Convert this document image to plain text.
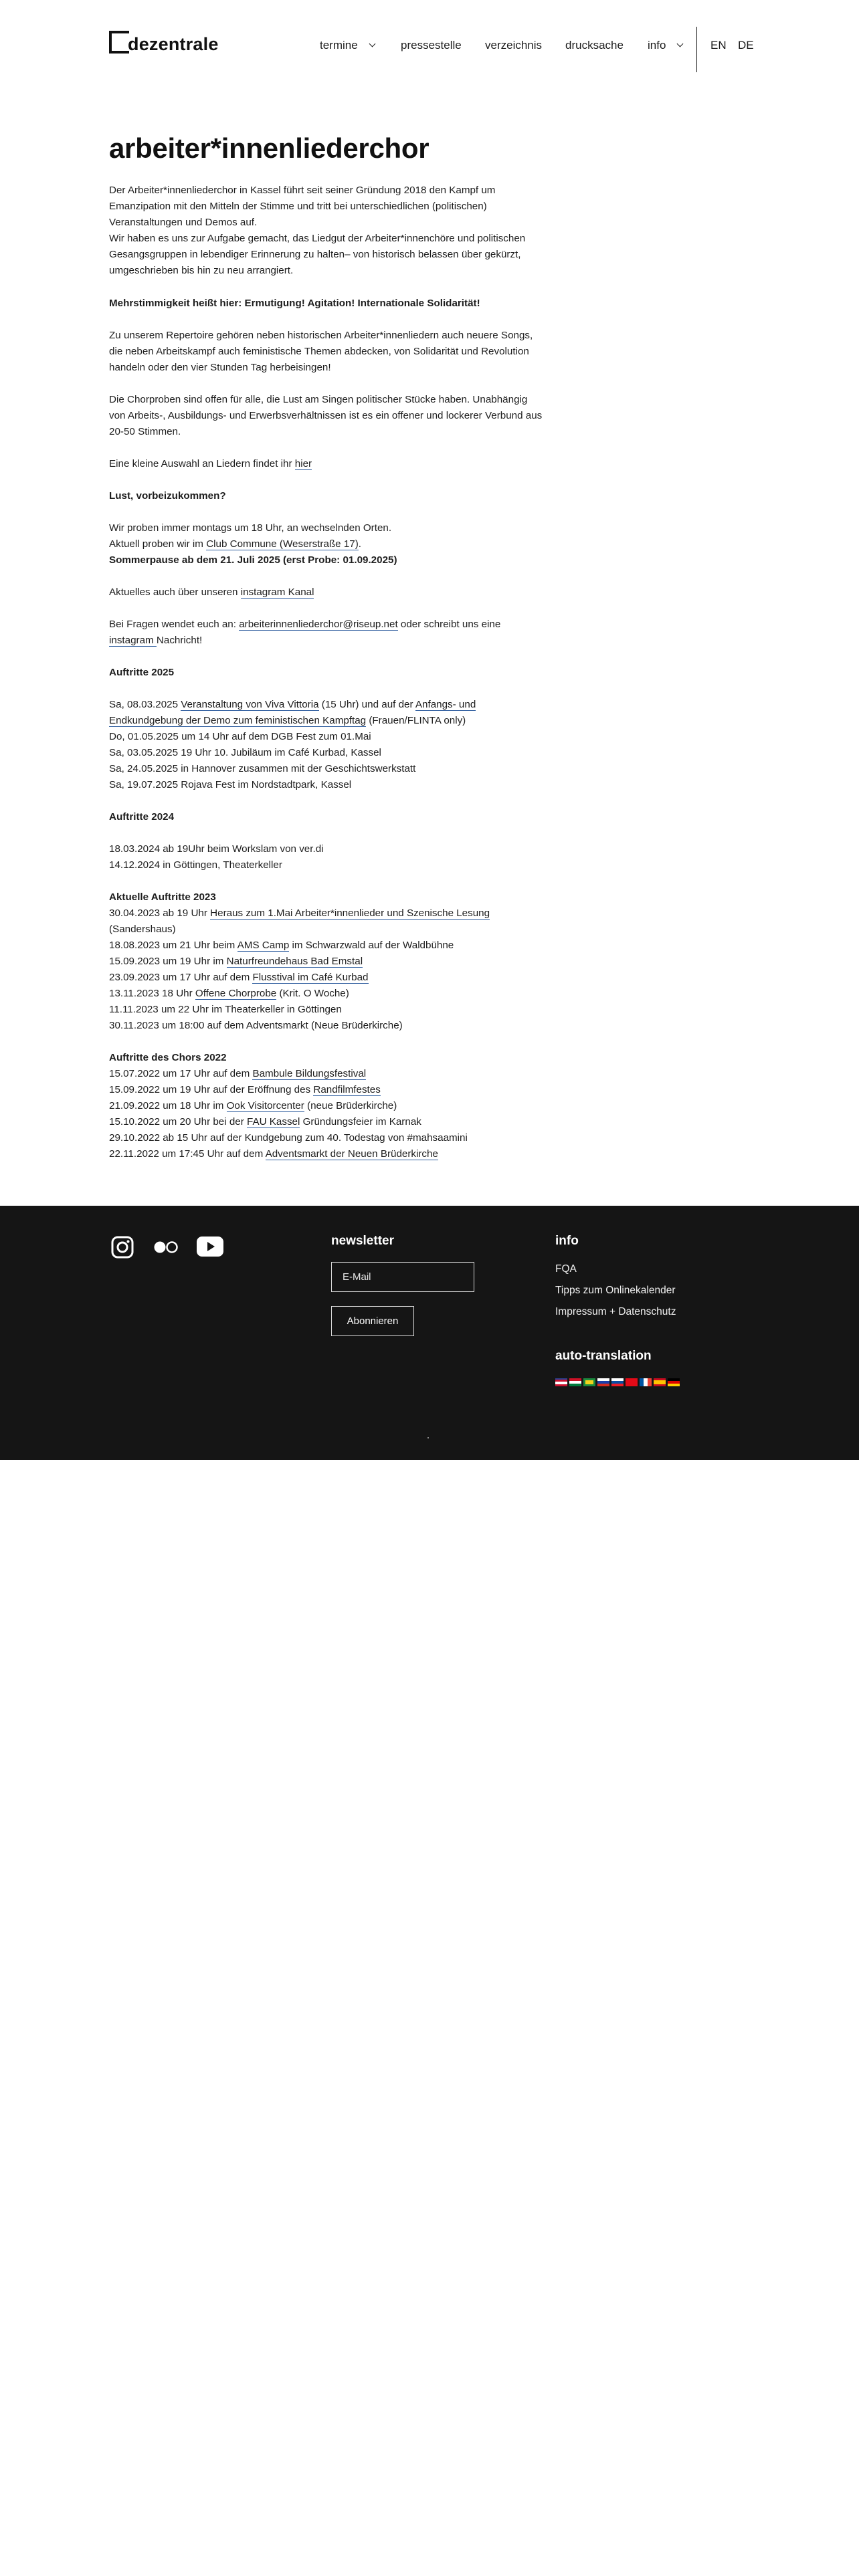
dezentrale	termine	pressestelle verzeichnis drucksache info	EN DE
arbeiter*innenliederchor
Der Arbeiter*innenliederchor in Kassel führt seit seiner Gründung 2018 den Kampf um
Emanzipation mit den Mitteln der Stimme und tritt bei unterschiedlichen (politischen)
Veranstaltungen und Demos auf.
Wir haben es uns zur Aufgabe gemacht, das Liedgut der Arbeiter*innenchöre und politischen
Gesangsgruppen in lebendiger Erinnerung zu halten– von historisch belassen über gekürzt,
umgeschrieben bis hin zu neu arrangiert.
Mehrstimmigkeit heißt hier: Ermutigung! Agitation! Internationale Solidarität!
Zu unserem Repertoire gehören neben historischen Arbeiter*innenliedern auch neuere Songs,
die neben Arbeitskampf auch feministische Themen abdecken, von Solidarität und Revolution
handeln oder den vier Stunden Tag herbeisingen!
Die Chorproben sind offen für alle, die Lust am Singen politischer Stücke haben. Unabhängig
von Arbeits-, Ausbildungs- und Erwerbsverhältnissen ist es ein offener und lockerer Verbund aus
20-50 Stimmen.
Eine kleine Auswahl an Liedern findet ihr hier
Lust, vorbeizukommen?
Wir proben immer montags um 18 Uhr, an wechselnden Orten.
Aktuell proben wir im Club Commune (Weserstraße 17).
Sommerpause ab dem 21. Juli 2025 (erst Probe: 01.09.2025)
Aktuelles auch über unseren instagram Kanal
Bei Fragen wendet euch an: arbeiterinnenliederchor@riseup.net oder schreibt uns eine
instagram Nachricht!
Auftritte 2025
Sa, 08.03.2025 Veranstaltung von Viva Vittoria (15 Uhr) und auf der Anfangs- und
Endkundgebung der Demo zum feministischen Kampftag (Frauen/FLINTA only)
Do, 01.05.2025 um 14 Uhr auf dem DGB Fest zum 01.Mai
Sa, 03.05.2025 19 Uhr 10. Jubiläum im Café Kurbad, Kassel
Sa, 24.05.2025 in Hannover zusammen mit der Geschichtswerkstatt
Sa, 19.07.2025 Rojava Fest im Nordstadtpark, Kassel
Auftritte 2024
18.03.2024 ab 19Uhr beim Workslam von ver.di
14.12.2024 in Göttingen, Theaterkeller
Aktuelle Auftritte 2023
30.04.2023 ab 19 Uhr Heraus zum 1.Mai Arbeiter*innenlieder und Szenische Lesung
(Sandershaus)
18.08.2023 um 21 Uhr beim AMS Camp im Schwarzwald auf der Waldbühne
15.09.2023 um 19 Uhr im Naturfreundehaus Bad Emstal
23.09.2023 um 17 Uhr auf dem Flusstival im Café Kurbad
13.11.2023 18 Uhr Offene Chorprobe (Krit. O Woche)
11.11.2023 um 22 Uhr im Theaterkeller in Göttingen
30.11.2023 um 18:00 auf dem Adventsmarkt (Neue Brüderkirche)
Auftritte des Chors 2022
15.07.2022 um 17 Uhr auf dem Bambule Bildungsfestival
15.09.2022 um 19 Uhr auf der Eröffnung des Randfilmfestes
21.09.2022 um 18 Uhr im Ook Visitorcenter (neue Brüderkirche)
15.10.2022 um 20 Uhr bei der FAU Kassel Gründungsfeier im Karnak
29.10.2022 ab 15 Uhr auf der Kundgebung zum 40. Todestag von #mahsaamini
22.11.2022 um 17:45 Uhr auf dem Adventsmarkt der Neuen Brüderkirche
newsletter
E-Mail
Abonnieren
info
FQA
Tipps zum Onlinekalender
Impressum + Datenschutz
auto-translation
